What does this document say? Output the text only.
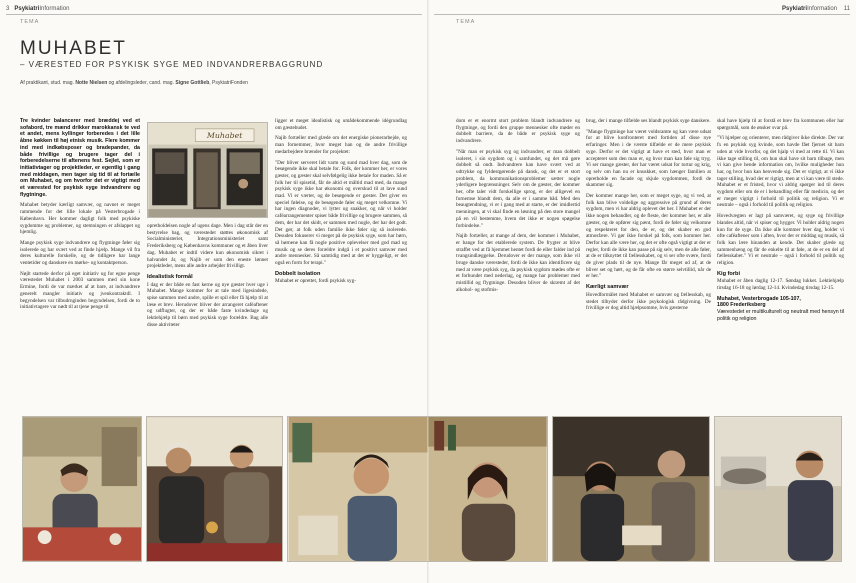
3 PsykiatriInformation
TEMA
MUHABET
– VÆRESTED FOR PSYKISK SYGE MED INDVANDRERBAGGRUND
Af praktikant, stud. mag. Notte Nielsen og afdelingsleder, cand. mag. Signe Gottlieb, PsykiatriFonden

Tre kvinder balancerer med bræddej ved et sofabord, tre mænd drikker marokkansk te ved et andet, mens kyllinger forberedes i det lille åbne køkken til høj etnisk musik. Flere kommer ind med indkøbsposer og bradepander, da både frivillige og brugere tager del i forberedelserne til aftenens fest. Sejlet, som er initiativtager og projektleder, er egentlig i gang med middagen, men tager sig tid til at fortælle om Muhabet, og om hvorfor det er vigtigt med et værested for psykisk syge indvandrere og flygtninge.

Muhabet betyder kærligt samvær, og navnet er meget rammende for det lille lokale på Vesterbrogade i København. Her kommer dagligt folk med psykiske sygdomme og problemer, og stemningen er afslappet og hjemlig.

Mange psykisk syge indvandrere og flygtninge føler sig isolerede og har svært ved at finde hjælp. Mange vil fra deres kulturelle forskelle, og de tidligere har lange ventetider og danskere en mørke- og kontaktperson.

Nøjlt startede derfor på eget initiativ og for egne penge værestedet Muhabet i 2003 sammen med sin kone Ermine, fordi de var mærket af at bare, at indvandrere generelt mangler initiativ og jvenkontraktdl. I begyndelsen var tilbudrnginden begyndelsen, fordi de to initiativtagere var nødt til at tjene penge til

Muhabet

opretholdelsen nogle af ugens dage. Men i dag står der en bestyrelse bag, og værestedet støttes økonomisk af Socialministeriet, Integrationsministeriet samt Frederiksberg og Københavns kommuner og et åben liver dag. Muhabet er indtil videre kun økonomisk sikret i halvandet år, og Najib er som den eneste lønnet projektleder, mens alle andre arbejder frivilligt.

Idealistisk formål

I dag er der både en fast kerne og nye gæster hver uge i Muhabet. Mange kommer for at tale med ligesindede, spise sammen med andre, spille et spil eller få hjælp til at læse et brev. Herudover bliver der arrangeret caféaftener og udflugter, og der er både faste kvindedage og lektiehjælp til børn med psykisk syge forældre. Bag alle disse aktiviteter

ligger et meget idealistisk og umådekommende idégrundlag om gæstebudet.

Najib fortæller med glæde om det energiske pionerarbejde, og man fornemmer, hvor meget han og de andre frivillige medarbejdere brænder for projektet:

"Der bliver serveret lidt varm og sund mad hver dag, som de besøgende ikke skal betale for. Folk, der kommer her, er vores gæster, og gæster skal selvfølgelig ikke betale for maden. Så er folk her til spisetid, får de altid et måltid mad med, da mange psykisk syge ikke har økonomi og overskud til at lave sund mad. Vi er værter, og de besøgende er gæster. Det giver en speciel følelse, og de besøgende føler sig meget velkomne. Vi har ingen diagnoder, vi lytter og snakker, og når vi holder caféarrangementer spiser både frivillige og brugere sammen, så dem, der har det skidt, er sammen med nogle, der har det godt. Det gør, at folk uden familie ikke føler sig så isolerede. Desuden fokuserer vi meget på de psykisk syge, som har børn, så børnene kan få nogle positive oplevelser med god mad og musik og se deres forældre indgå i et positivt samvær med andre mennesker. Så samtidig med at det er hyggeligt, er det også en form for terapi."

Dobbelt isolation

Muhabet er oprettet, fordi psykisk syg-

PsykiatriInformation 11
TEMA

dom er et enormt stort problem blandt indvandrere og flygtninge, og fordi den gruppe mennesker ofte møder en dobbelt barriere, da de både er psykisk syge og indvandrere.

"Når man er psykisk syg og indvandrer, er man dobbelt isoleret, i sin sygdom og i samfundet, og det må gøre dobbelt så ondt. Indvandrere kan have svært ved at udtrykke og fyldestgørende på dansk, og det er et stort problem, da kommunikationsproblemer sætter nogle yderligere begrænsninger. Selv om de gæster, der kommer her, ofte taler vidt forskellige sprog, er der alligevel en fornemse blandt dem, da alle er i samme båd. Med den beaugtendning, vi er i gang med at starte, er der imidlertid menningen, at vi skal finde en løsning på den store mangel på en vil bestemme, hvem det ikke er nogen spøgelse forbindelse."

Najib fortæller, at mange af dem, der kommer i Muhabet, er bange for det etablerede system. De frygter at blive straffet ved at få hjemmet hentet fordi de eller falder ind på tvangsindlæggelse. Derudover er der mange, som ikke vil bruge danske væresteder, fordi de ikke kan identificere sig med at være psykisk syg, da psykisk sygdom mødes ofte er et forbundet med nederlag, og mange har problemer med mistillid og flygtninge. Desuden bliver de skræmt af det alkohol- og stofmis-

brug, der i mange tilfælde ses blandt psykisk syge danskere.

"Mange flygtninge har været voldsramte og kan være udsat for at blive konfronteret med fortiden af disse nye erfaringer. Men i de værste tilfælde er de mere psykisk syge. Derfor er det vigtigt at have et sted, hvor man er accepteret som den man er, og hvor man kan føle sig tryg. Vi ser mange gæster, der har været udsat for tortur og krig, og selv om han nu er knuskket, som hænger familien at opretholde en facade og skjule sygdommen, fordi de skammer sig.

Der kommer mange her, som er meget syge, og vi ved, at folk kan blive voldelige og aggressive på grund af deres sygdom, men vi har aldrig oplevet det her. I Muhabet er der ikke nogen behandler, og de fleste, der kommer her, er alle gæster, og de opfører sig pænt, fordi de føler sig velkomne og respekteret for den, de er, og det skaber en god atmosfære. Vi gør ikke forskel på folk, som kommer her. Derfor kan alle være her, og det er ofte også vigtigt at der er regler, fordi de ikke kan passe på sig selv, men de alle føler, at de er tilknyttet til fællesskabet, og vi ser ofte svære, fordi de giver plads til de nye. Mange får meget ud af, at de bliver set og hørt, og de får ofte en større selvtillid, når de er her."

Kærligt samvær

Hovedformålet med Muhabet er samvær og fællesskab, og stedet tilbyder derfor ikke psykologisk rådgivning. De frivillige er dog altid hjælpsomme, hvis gæsterne

skal have hjælp til at forstå et brev fra kommunen eller har spørgsmål, som de ønsker svar på.

"Vi hjælper og orienterer, men rådgiver ikke direkte. Der var fx en psykisk syg kvinde, som havde fået fjernet sit barn uden at vide hvorfor, og det hjalp vi med at rette til. Vi kan ikke tage stilling til, om hun skal have sit barn tilbage, men vi kan give hende information om, hvilke muligheder hun har, og hvor hun kan henvende sig. Det er vigtigt, at vi ikke tager stilling, hvad der er rigtigt, men at vi kan være til stede. Muhabet er et fristed, hvor vi aldrig spørger ind til deres sygdom eller om de er i behandling eller får medicin, og det er meget vigtigt i forhold til politik og religion. Vi er neutrale – også i forhold til politik og religion.

Hovedvægten er lagt på samværet, og syge og frivillige blandes altid, når vi spiser og hygger. Vi holder aldrig nogen kun for de syge. Da ikke alle kommer hver dag, holder vi ofte caféaftener som i aften, hvor der er middag og musik, så folk kan lære hinanden at kende. Det skaber glæde og sammenhæng og får de enkelte til at føle, at de er en del af fællesskabet." Vi er neutrale – også i forhold til politik og religion.

Kig forbi

Muhabet er åben daglig 12-17. Søndag lukket. Lektiehjælp tirsdag 16-18 og lørdag 12-14. Kvindedag tirsdag 12-15.

Muhabet, Vesterbrogade 105-107,
1800 Frederiksberg
Værestedet er multikulturelt og neutralt med hensyn til politik og religion
